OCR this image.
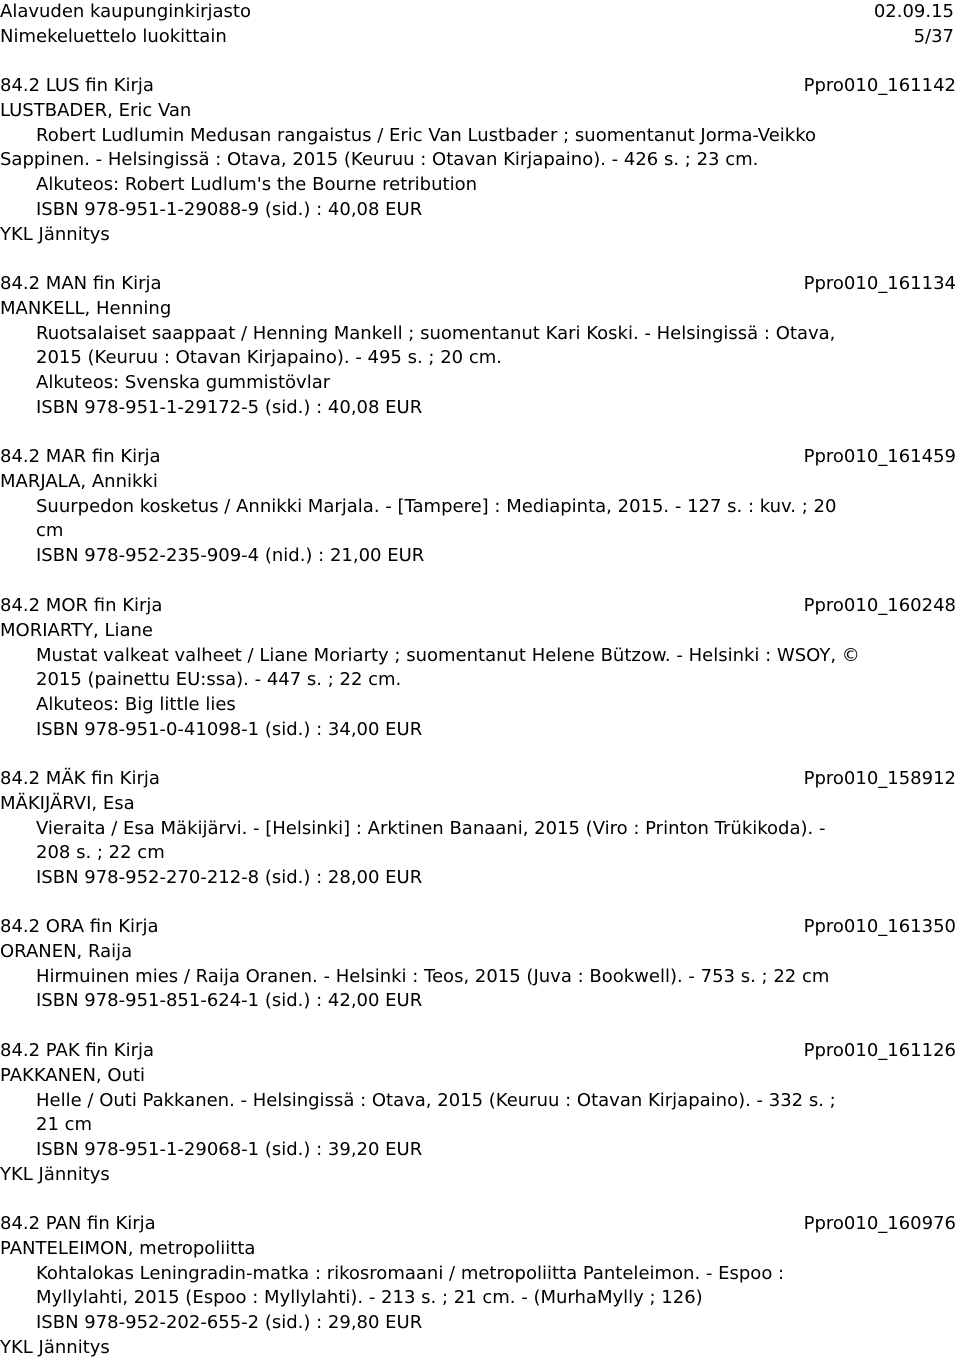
Alavuden kaupunginkirjasto	02.09.15
Nimekeluettelo luokittain	5/37
84.2 LUS fin Kirja	Ppro010_161142
LUSTBADER, Eric Van
Robert Ludlumin Medusan rangaistus / Eric Van Lustbader ; suomentanut Jorma-Veikko
Sappinen. - Helsingissä : Otava, 2015 (Keuruu : Otavan Kirjapaino). - 426 s. ; 23 cm.
Alkuteos: Robert Ludlum's the Bourne retribution
ISBN 978-951-1-29088-9 (sid.) : 40,08 EUR
YKL Jännitys
84.2 MAN fin Kirja	Ppro010_161134
MANKELL, Henning
Ruotsalaiset saappaat / Henning Mankell ; suomentanut Kari Koski. - Helsingissä : Otava,
2015 (Keuruu : Otavan Kirjapaino). - 495 s. ; 20 cm.
Alkuteos: Svenska gummistövlar
ISBN 978-951-1-29172-5 (sid.) : 40,08 EUR
84.2 MAR fin Kirja	Ppro010_161459
MARJALA, Annikki
Suurpedon kosketus / Annikki Marjala. - [Tampere] : Mediapinta, 2015. - 127 s. : kuv. ; 20
cm
ISBN 978-952-235-909-4 (nid.) : 21,00 EUR
84.2 MOR fin Kirja	Ppro010_160248
MORIARTY, Liane
Mustat valkeat valheet / Liane Moriarty ; suomentanut Helene Bützow. - Helsinki : WSOY, ©
2015 (painettu EU:ssa). - 447 s. ; 22 cm.
Alkuteos: Big little lies
ISBN 978-951-0-41098-1 (sid.) : 34,00 EUR
84.2 MÄK fin Kirja	Ppro010_158912
MÄKIJÄRVI, Esa
Vieraita / Esa Mäkijärvi. - [Helsinki] : Arktinen Banaani, 2015 (Viro : Printon Trükikoda). -
208 s. ; 22 cm
ISBN 978-952-270-212-8 (sid.) : 28,00 EUR
84.2 ORA fin Kirja	Ppro010_161350
ORANEN, Raija
Hirmuinen mies / Raija Oranen. - Helsinki : Teos, 2015 (Juva : Bookwell). - 753 s. ; 22 cm
ISBN 978-951-851-624-1 (sid.) : 42,00 EUR
84.2 PAK fin Kirja	Ppro010_161126
PAKKANEN, Outi
Helle / Outi Pakkanen. - Helsingissä : Otava, 2015 (Keuruu : Otavan Kirjapaino). - 332 s. ;
21 cm
ISBN 978-951-1-29068-1 (sid.) : 39,20 EUR
YKL Jännitys
84.2 PAN fin Kirja	Ppro010_160976
PANTELEIMON, metropoliitta
Kohtalokas Leningradin-matka : rikosromaani / metropoliitta Panteleimon. - Espoo :
Myllylahti, 2015 (Espoo : Myllylahti). - 213 s. ; 21 cm. - (MurhaMylly ; 126)
ISBN 978-952-202-655-2 (sid.) : 29,80 EUR
YKL Jännitys
